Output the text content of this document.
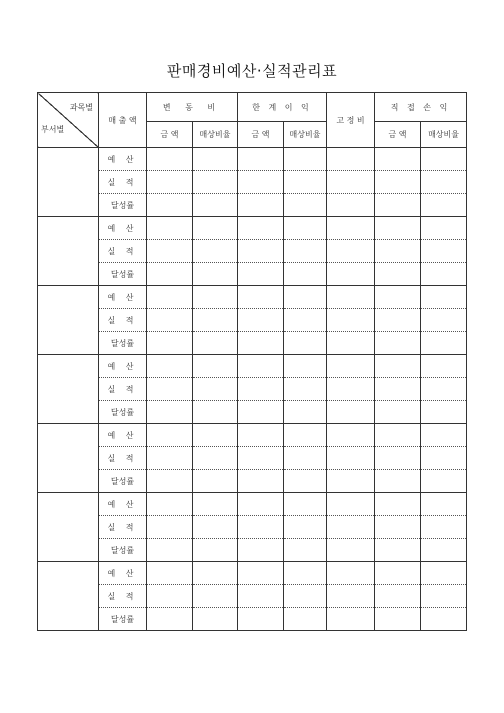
판매경비예산·실적관리표
과목별
부서별	매 출 액	변 동 비		한 계 이 익		고 정 비	직 접 손 익	
		금 액	매상비율	금 액	매상비율		금 액	매상비율
	예 산							
	실 적							
	달성률							
	예 산							
	실 적							
	달성률							
	예 산							
	실 적							
	달성률							
	예 산							
	실 적							
	달성률							
	예 산							
	실 적							
	달성률							
	예 산							
	실 적							
	달성률							
	예 산							
	실 적							
	달성률							
